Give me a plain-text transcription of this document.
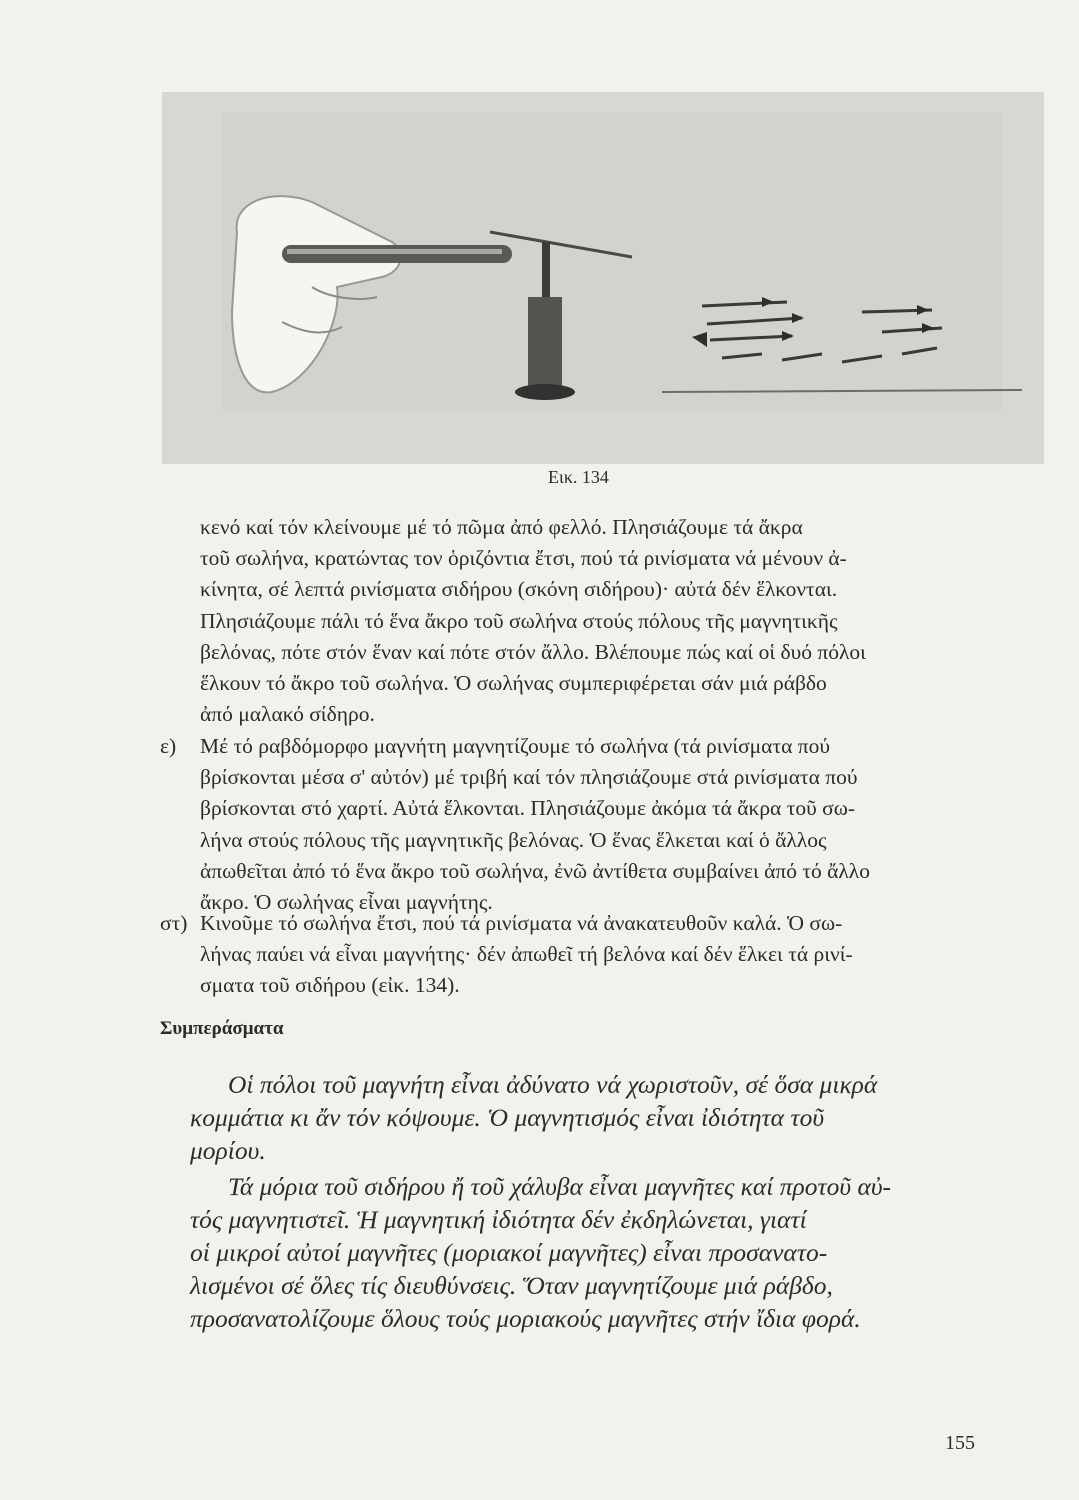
Εικ. 134

κενό καί τόν κλείνουμε μέ τό πῶμα ἀπό φελλό. Πλησιάζουμε τά ἄκρα

τοῦ σωλήνα, κρατώντας τον ὁριζόντια ἔτσι, πού τά ρινίσματα νά μένουν ἀ-

κίνητα, σέ λεπτά ρινίσματα σιδήρου (σκόνη σιδήρου)· αὐτά δέν ἕλκονται.

Πλησιάζουμε πάλι τό ἕνα ἄκρο τοῦ σωλήνα στούς πόλους τῆς μαγνητικῆς

βελόνας, πότε στόν ἕναν καί πότε στόν ἄλλο. Βλέπουμε πώς καί οἱ δυό πόλοι

ἕλκουν τό ἄκρο τοῦ σωλήνα. Ὁ σωλήνας συμπεριφέρεται σάν μιά ράβδο

ἀπό μαλακό σίδηρο.

ε) Μέ τό ραβδόμορφο μαγνήτη μαγνητίζουμε τό σωλήνα (τά ρινίσματα πού

βρίσκονται μέσα σ' αὐτόν) μέ τριβή καί τόν πλησιάζουμε στά ρινίσματα πού

βρίσκονται στό χαρτί. Αὐτά ἕλκονται. Πλησιάζουμε ἀκόμα τά ἄκρα τοῦ σω-

λήνα στούς πόλους τῆς μαγνητικῆς βελόνας. Ὁ ἕνας ἕλκεται καί ὁ ἄλλος

ἀπωθεῖται ἀπό τό ἕνα ἄκρο τοῦ σωλήνα, ἐνῶ ἀντίθετα συμβαίνει ἀπό τό ἄλλο

ἄκρο. Ὁ σωλήνας εἶναι μαγνήτης.

στ) Κινοῦμε τό σωλήνα ἔτσι, πού τά ρινίσματα νά ἀνακατευθοῦν καλά. Ὁ σω-

λήνας παύει νά εἶναι μαγνήτης· δέν ἀπωθεῖ τή βελόνα καί δέν ἕλκει τά ρινί-

σματα τοῦ σιδήρου (εἰκ. 134).

Συμπεράσματα

Οἱ πόλοι τοῦ μαγνήτη εἶναι ἀδύνατο νά χωριστοῦν, σέ ὅσα μικρά

κομμάτια κι ἄν τόν κόψουμε. Ὁ μαγνητισμός εἶναι ἰδιότητα τοῦ

μορίου.

Τά μόρια τοῦ σιδήρου ἤ τοῦ χάλυβα εἶναι μαγνῆτες καί προτοῦ αὐ-

τός μαγνητιστεῖ. Ἡ μαγνητική ἰδιότητα δέν ἐκδηλώνεται, γιατί

οἱ μικροί αὐτοί μαγνῆτες (μοριακοί μαγνῆτες) εἶναι προσανατο-

λισμένοι σέ ὅλες τίς διευθύνσεις. Ὅταν μαγνητίζουμε μιά ράβδο,

προσανατολίζουμε ὅλους τούς μοριακούς μαγνῆτες στήν ἴδια φορά.

155
